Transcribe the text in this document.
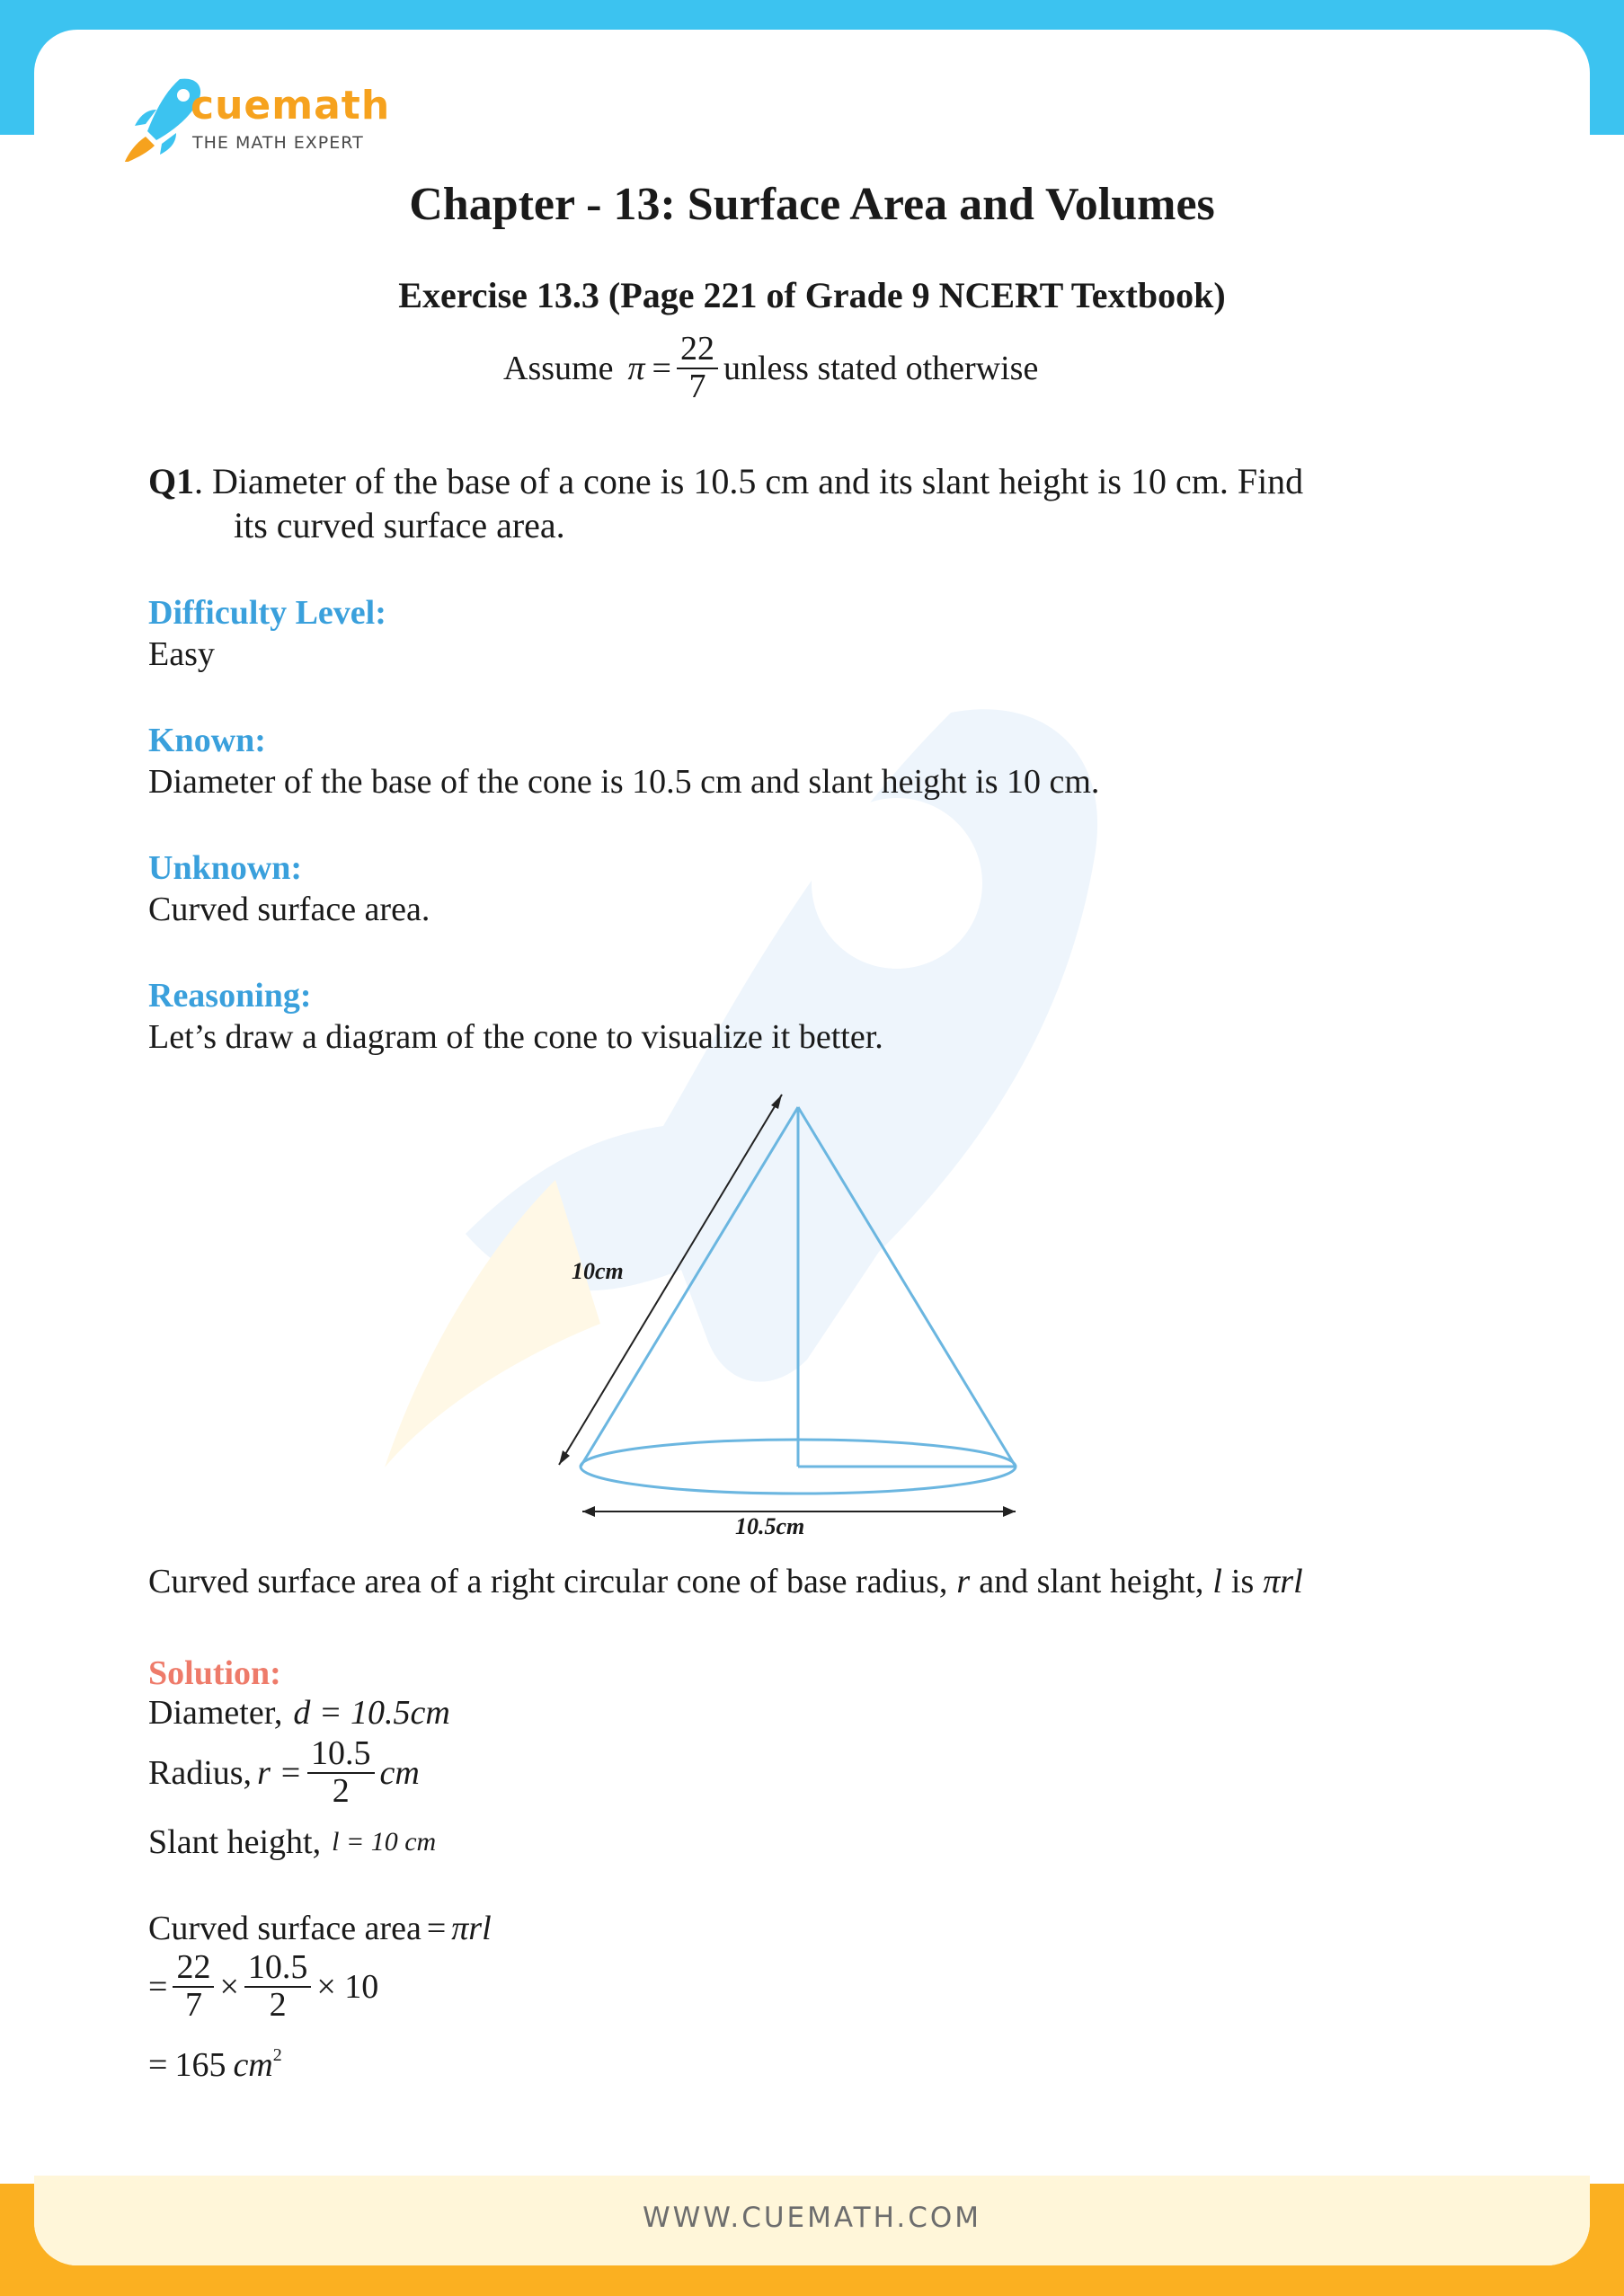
WWW.CUEMATH.COM
cuemath
THE MATH EXPERT
Chapter - 13: Surface Area and Volumes
Exercise 13.3 (Page 221 of Grade 9 NCERT Textbook)
Assume $\pi = \frac{22}{7}$ unless stated otherwise
Q1 . Diameter of the base of a cone is 10.5 cm and its slant height is 10 cm. Find
its curved surface area.
Difficulty Level:
Easy
Known:
Diameter of the base of the cone is 10.5 cm and slant height is 10 cm.
Unknown:
Curved surface area.
Reasoning:
Let’s draw a diagram of the cone to visualize it better.
10cm
10.5cm
Curved surface area of a right circular cone of base radius, r and slant height, l is πrl
Solution:
Diameter, d = 10.5cm
Radius, $r = \frac{10.5}{2}$ cm
Slant height, l = 10 cm
Curved surface area = πrl
= $\frac{22}{7} \times \frac{10.5}{2} \times 10$
= 165 $cm^2$
